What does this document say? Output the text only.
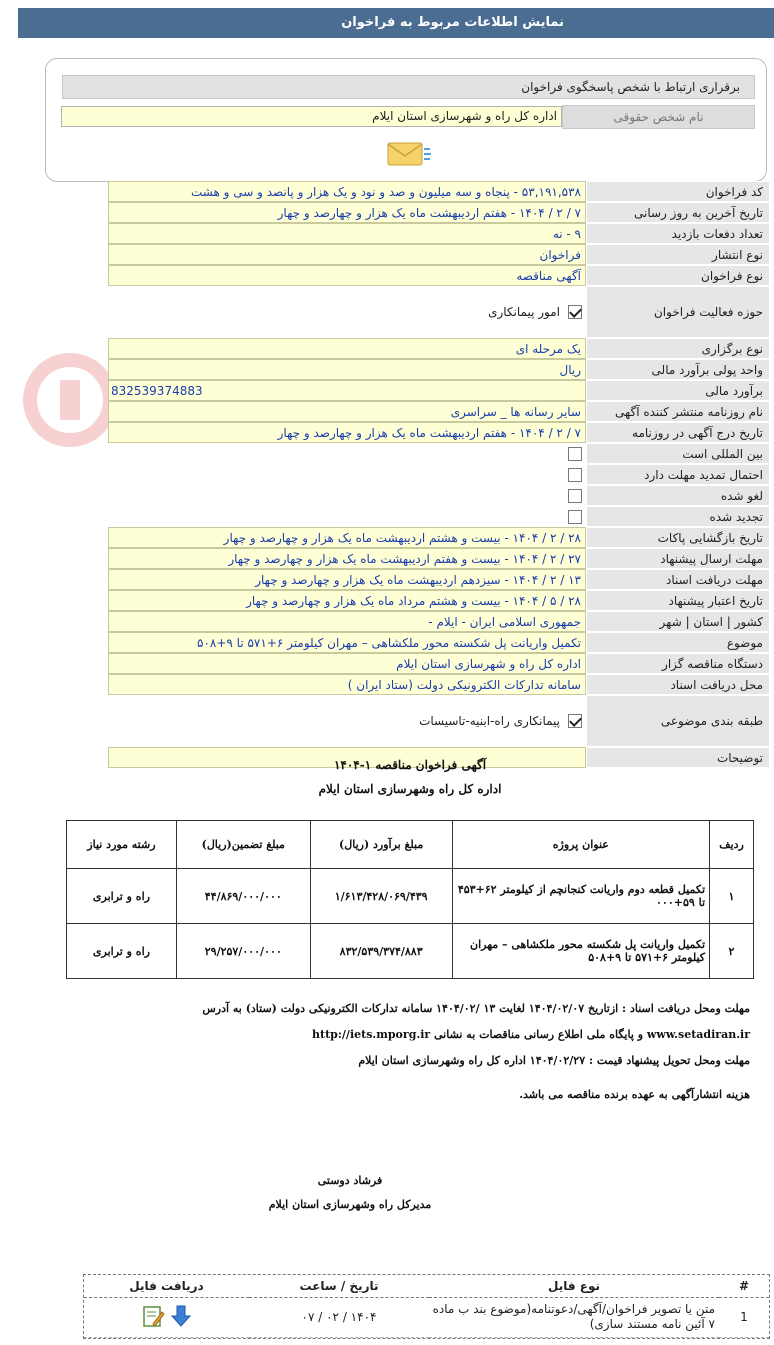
نمایش اطلاعات مربوط به فراخوان
برقراری ارتباط با شخص پاسخگوی فراخوان
نام شخص حقوقی
اداره کل راه و شهرسازی استان ایلام
کد فراخوان
۵۳,۱۹۱,۵۳۸ - پنجاه و سه میلیون و صد و نود و یک هزار و پانصد و سی و هشت
تاریخ آخرین به روز رسانی
۷ / ۲ / ۱۴۰۴ - هفتم اردیبهشت ماه یک هزار و چهارصد و چهار
تعداد دفعات بازدید
۹ - نه
نوع انتشار
فراخوان
نوع فراخوان
آگهی مناقصه
حوزه فعالیت فراخوان
امور پیمانکاری
نوع برگزاری
یک مرحله ای
واحد پولی برآورد مالی
ریال
برآورد مالی
832539374883
نام روزنامه منتشر کننده آگهی
سایر رسانه ها _ سراسری
تاریخ درج آگهی در روزنامه
۷ / ۲ / ۱۴۰۴ - هفتم اردیبهشت ماه یک هزار و چهارصد و چهار
بین المللی است
احتمال تمدید مهلت دارد
لغو شده
تجدید شده
تاریخ بازگشایی پاکات
۲۸ / ۲ / ۱۴۰۴ - بیست و هشتم اردیبهشت ماه یک هزار و چهارصد و چهار
مهلت ارسال پیشنهاد
۲۷ / ۲ / ۱۴۰۴ - بیست و هفتم اردیبهشت ماه یک هزار و چهارصد و چهار
مهلت دریافت اسناد
۱۳ / ۲ / ۱۴۰۴ - سیزدهم اردیبهشت ماه یک هزار و چهارصد و چهار
تاریخ اعتبار پیشنهاد
۲۸ / ۵ / ۱۴۰۴ - بیست و هشتم مرداد ماه یک هزار و چهارصد و چهار
کشور | استان | شهر
جمهوری اسلامی ایران - ایلام -
موضوع
تکمیل واریانت پل شکسته محور ملکشاهی – مهران کیلومتر ۶+۵۷۱ تا ۹+۵۰۸
دستگاه مناقصه گزار
اداره کل راه و شهرسازی استان ایلام
محل دریافت اسناد
سامانه تدارکات الکترونیکی دولت (ستاد ایران )
طبقه بندی موضوعی
پیمانکاری راه-ابنیه-تاسیسات
توضیحات
آگهی فراخوان مناقصه ۱-۱۴۰۴
اداره کل راه وشهرسازی استان ایلام
ردیف	عنوان پروژه	مبلغ برآورد (ریال)	مبلغ تضمین(ریال)	رشته مورد نیاز
۱	تکمیل قطعه دوم واریانت کنجانچم از کیلومتر ۶۲+۴۵۳ تا ۵۹+۰۰۰	۱/۶۱۳/۴۲۸/۰۶۹/۴۳۹	۴۴/۸۶۹/۰۰۰/۰۰۰	راه و ترابری
۲	تکمیل واریانت پل شکسته محور ملکشاهی – مهران کیلومتر ۶+۵۷۱ تا ۹+۵۰۸	۸۳۲/۵۳۹/۳۷۴/۸۸۳	۲۹/۲۵۷/۰۰۰/۰۰۰	راه و ترابری
مهلت ومحل دریافت اسناد : ازتاریخ ۱۴۰۴/۰۲/۰۷ لغایت ۱۳ /۱۴۰۴/۰۲ سامانه تدارکات الکترونیکی دولت (ستاد) به آدرس
www.setadiran.ir و پایگاه ملی اطلاع رسانی مناقصات به نشانی http://iets.mporg.ir
مهلت ومحل تحویل پیشنهاد قیمت : ۱۴۰۴/۰۲/۲۷ اداره کل راه وشهرسازی استان ایلام
هزینه انتشارآگهی به عهده برنده مناقصه می باشد.
فرشاد دوستی
مدیرکل راه وشهرسازی استان ایلام
#	نوع فایل	تاریخ / ساعت	دریافت فایل
1	متن یا تصویر فراخوان/آگهی/دعوتنامه(موضوع بند ب ماده ۷ آئین نامه مستند سازی)	۱۴۰۴ / ۰۲ / ۰۷	
